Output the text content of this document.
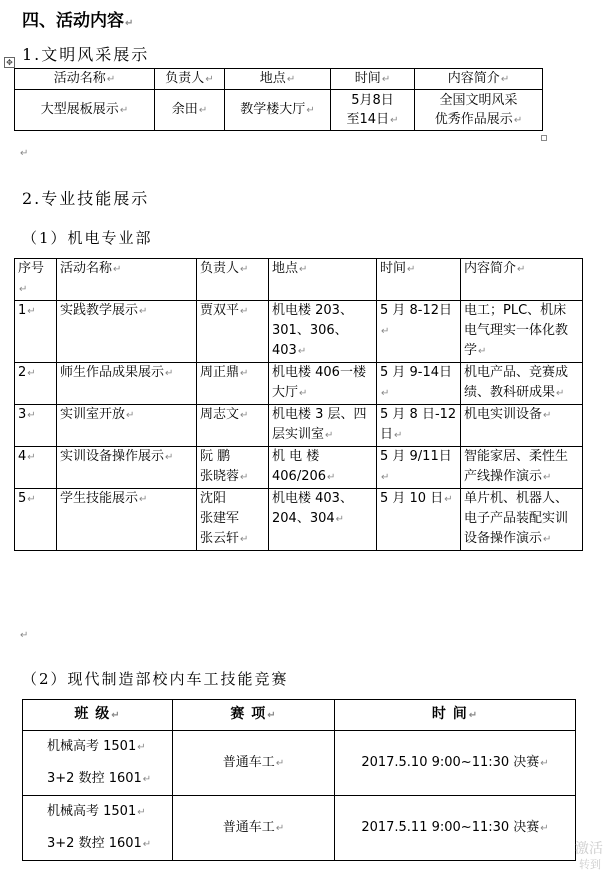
四、活动内容↵
✥ 1.文明风采展示
活动名称↵	负责人↵	地点↵	时间↵	内容简介↵
大型展板展示↵	余田↵	教学楼大厅↵	5月8日
至14日↵	全国文明风采
优秀作品展示↵
↵
2.专业技能展示
（1）机电专业部
序号↵	活动名称↵	负责人↵	地点↵	时间↵	内容简介↵
1↵	实践教学展示↵	贾双平↵	机电楼 203、301、306、403↵	5 月 8-12日↵	电工；PLC、机床电气理实一体化教学↵
2↵	师生作品成果展示↵	周正鼎↵	机电楼 406一楼大厅↵	5 月 9-14日↵	机电产品、竞赛成绩、教科研成果↵
3↵	实训室开放↵	周志文↵	机电楼 3 层、四层实训室↵	5 月 8 日-12 日↵	机电实训设备↵
4↵	实训设备操作展示↵	阮 鹏
张晓蓉↵	机 电 楼 406/206↵	5 月 9/11日↵	智能家居、柔性生产线操作演示↵
5↵	学生技能展示↵	沈阳
张建军
张云轩↵	机电楼 403、204、304↵	5 月 10 日↵	单片机、机器人、电子产品装配实训设备操作演示↵
↵
（2）现代制造部校内车工技能竞赛
班 级↵	赛 项↵	时 间↵

机械高考 1501↵
3+2 数控 1601↵	普通车工↵	2017.5.10 9:00~11:30 决赛↵

机械高考 1501↵
3+2 数控 1601↵	普通车工↵	2017.5.11 9:00~11:30 决赛↵
激活
转到
